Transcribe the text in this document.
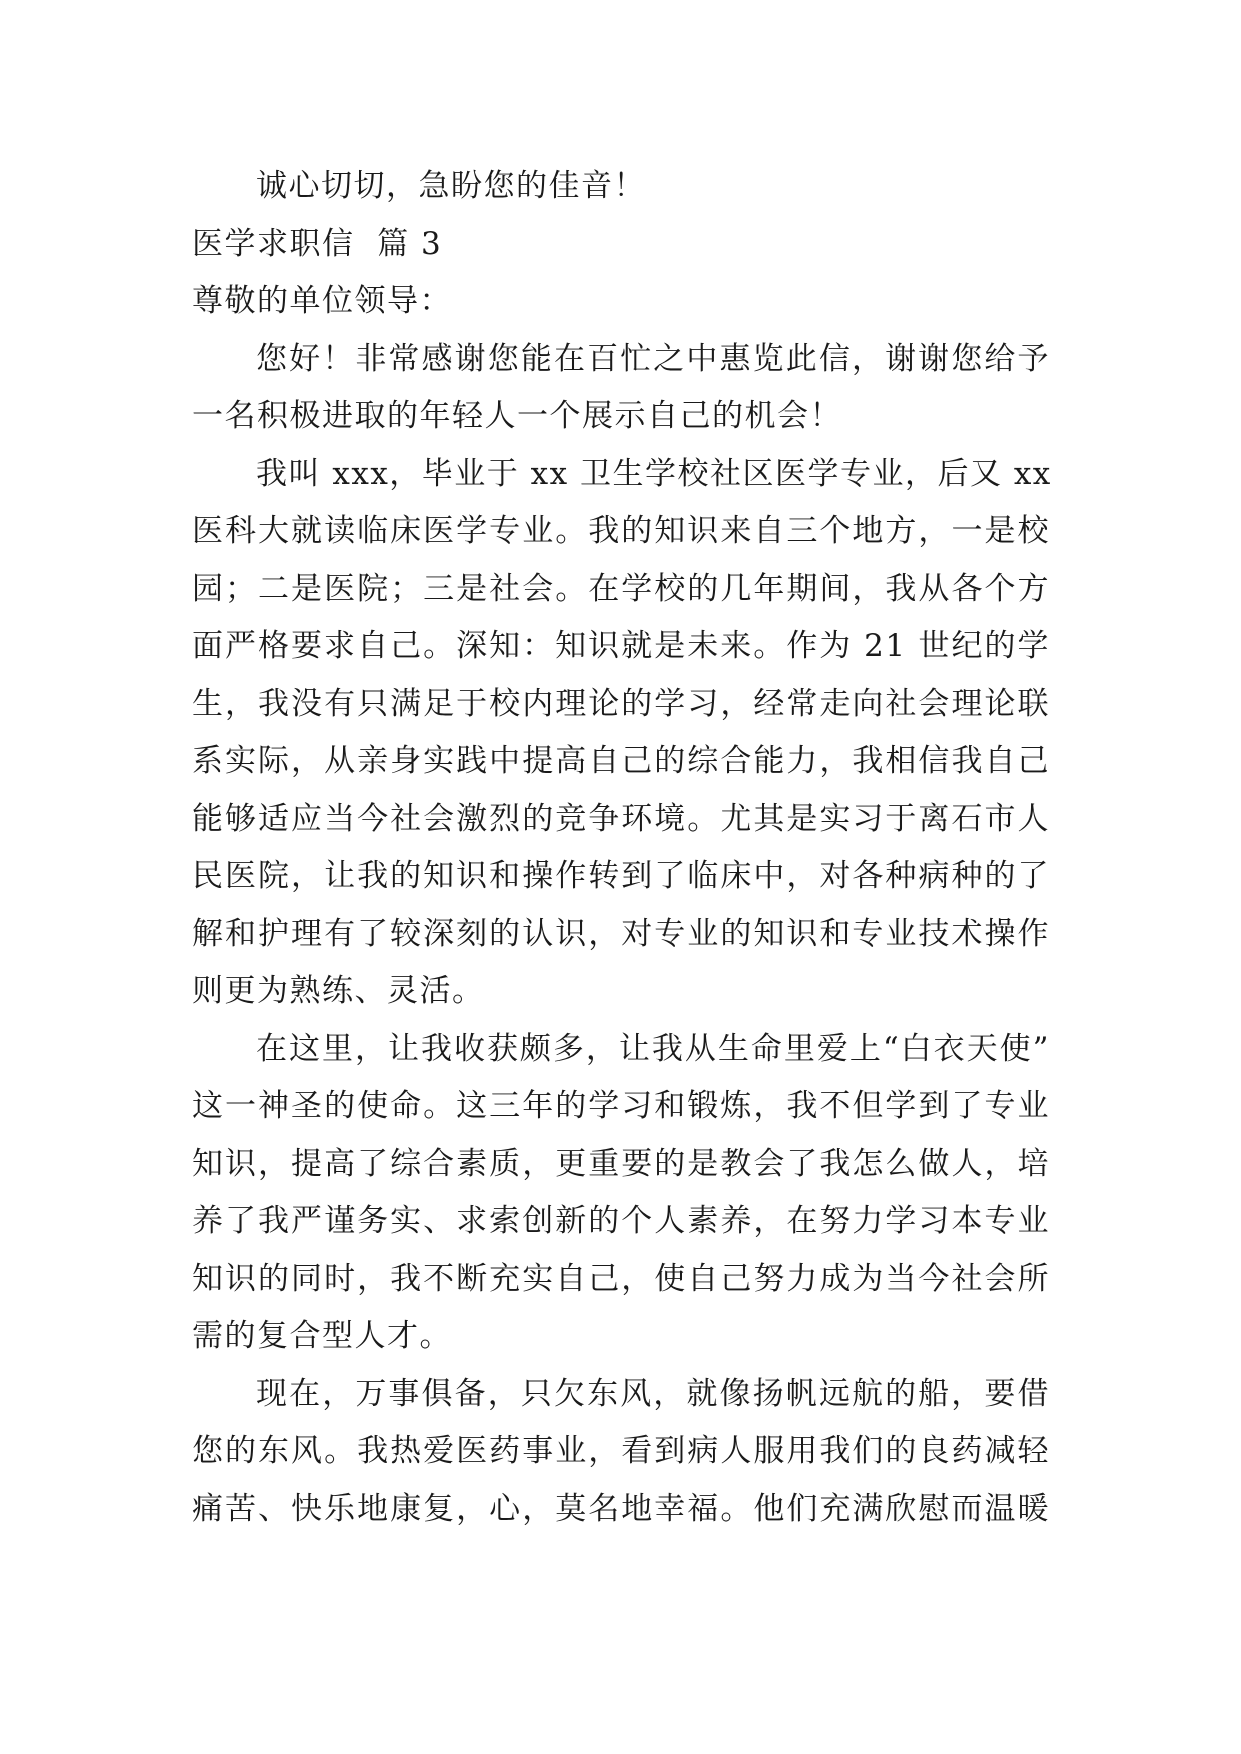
诚心切切，急盼您的佳音！
医学求职信  篇 3
尊敬的单位领导：
您好！非常感谢您能在百忙之中惠览此信，谢谢您给予
一名积极进取的年轻人一个展示自己的机会！
我叫 xxx，毕业于 xx 卫生学校社区医学专业，后又 xx
医科大就读临床医学专业。我的知识来自三个地方，一是校
园；二是医院；三是社会。在学校的几年期间，我从各个方
面严格要求自己。深知：知识就是未来。作为 21 世纪的学
生，我没有只满足于校内理论的学习，经常走向社会理论联
系实际，从亲身实践中提高自己的综合能力，我相信我自己
能够适应当今社会激烈的竞争环境。尤其是实习于离石市人
民医院，让我的知识和操作转到了临床中，对各种病种的了
解和护理有了较深刻的认识，对专业的知识和专业技术操作
则更为熟练、灵活。
在这里，让我收获颇多，让我从生命里爱上“白衣天使”
这一神圣的使命。这三年的学习和锻炼，我不但学到了专业
知识，提高了综合素质，更重要的是教会了我怎么做人，培
养了我严谨务实、求索创新的个人素养，在努力学习本专业
知识的同时，我不断充实自己，使自己努力成为当今社会所
需的复合型人才。
现在，万事俱备，只欠东风，就像扬帆远航的船，要借
您的东风。我热爱医药事业，看到病人服用我们的良药减轻
痛苦、快乐地康复，心，莫名地幸福。他们充满欣慰而温暖
